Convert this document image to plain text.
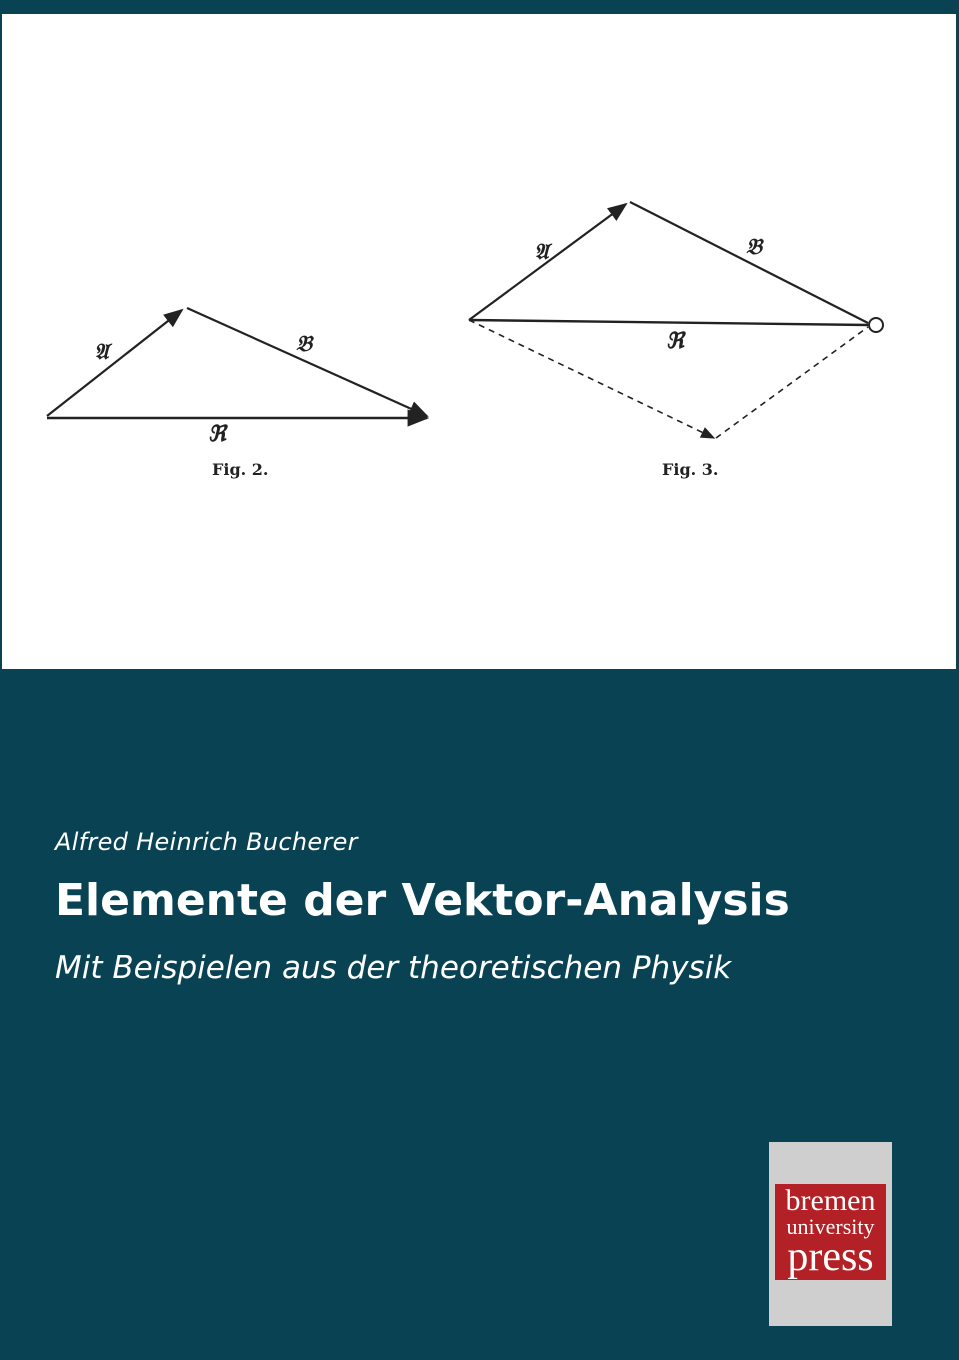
𝔄	𝔅
ℜ
Fig. 2.
𝔄	𝔅
ℜ
Fig. 3.
Alfred Heinrich Bucherer
Elemente der Vektor-Analysis
Mit Beispielen aus der theoretischen Physik
bremen
university
press
